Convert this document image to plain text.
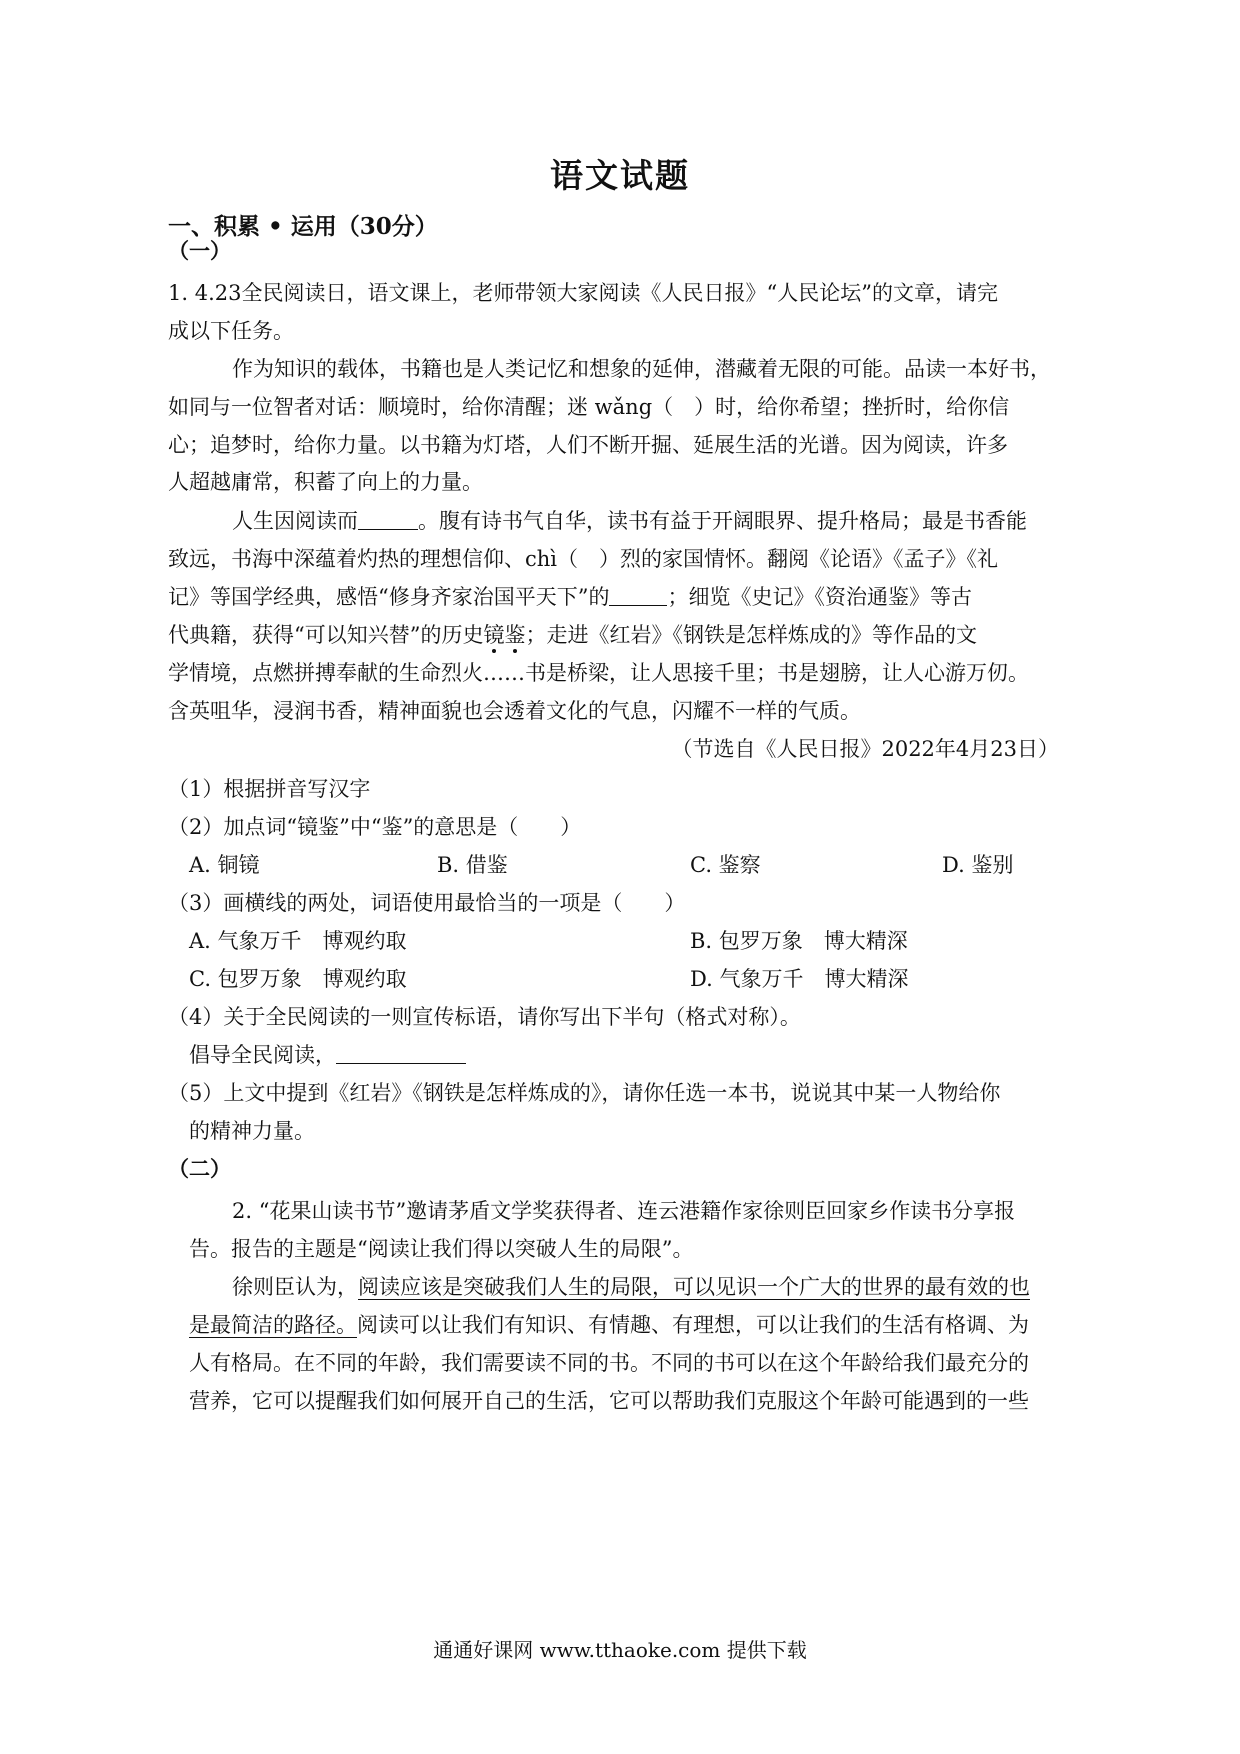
语文试题
一、积累 • 运用（30分）
（一）
1. 4.23全民阅读日，语文课上，老师带领大家阅读《人民日报》“人民论坛”的文章，请完
成以下任务。
作为知识的载体，书籍也是人类记忆和想象的延伸，潜藏着无限的可能。品读一本好书，
如同与一位智者对话：顺境时，给你清醒；迷 wǎng（　）时，给你希望；挫折时，给你信
心；追梦时，给你力量。以书籍为灯塔，人们不断开掘、延展生活的光谱。因为阅读，许多
人超越庸常，积蓄了向上的力量。
人生因阅读而	。腹有诗书气自华，读书有益于开阔眼界、提升格局；最是书香能
致远，书海中深蕴着灼热的理想信仰、chì（　）烈的家国情怀。翻阅《论语》《孟子》《礼
记》等国学经典，感悟“修身齐家治国平天下”的	；细览《史记》《资治通鉴》等古
代典籍，获得“可以知兴替”的历史镜鉴；走进《红岩》《钢铁是怎样炼成的》等作品的文
学情境，点燃拼搏奉献的生命烈火……书是桥梁，让人思接千里；书是翅膀，让人心游万仞。
含英咀华，浸润书香，精神面貌也会透着文化的气息，闪耀不一样的气质。
（节选自《人民日报》2022年4月23日）
（1）根据拼音写汉字
（2）加点词“镜鉴”中“鉴”的意思是（　　）
A. 铜镜	B. 借鉴	C. 鉴察	D. 鉴别
（3）画横线的两处，词语使用最恰当的一项是（　　）
A. 气象万千　博观约取	B. 包罗万象　博大精深
C. 包罗万象　博观约取	D. 气象万千　博大精深
（4）关于全民阅读的一则宣传标语，请你写出下半句（格式对称）。
倡导全民阅读，
（5）上文中提到《红岩》《钢铁是怎样炼成的》，请你任选一本书，说说其中某一人物给你
的精神力量。
（二）
2. “花果山读书节”邀请茅盾文学奖获得者、连云港籍作家徐则臣回家乡作读书分享报
告。报告的主题是“阅读让我们得以突破人生的局限”。
徐则臣认为，阅读应该是突破我们人生的局限，可以见识一个广大的世界的最有效的也
是最简洁的路径。阅读可以让我们有知识、有情趣、有理想，可以让我们的生活有格调、为
人有格局。在不同的年龄，我们需要读不同的书。不同的书可以在这个年龄给我们最充分的
营养，它可以提醒我们如何展开自己的生活，它可以帮助我们克服这个年龄可能遇到的一些
通通好课网 www.tthaoke.com 提供下载
